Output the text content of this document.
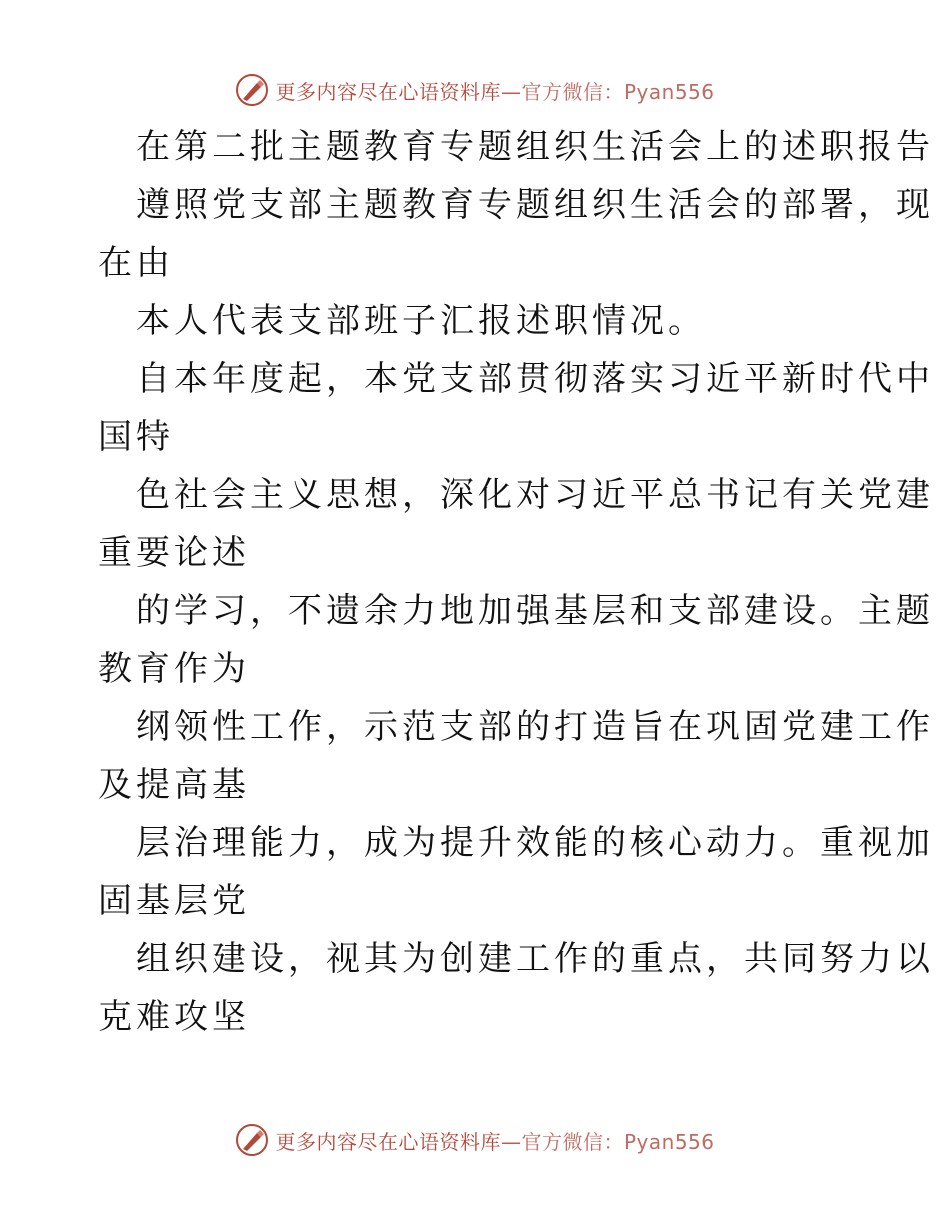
更多内容尽在心语资料库—官方微信：Pyan556
在第二批主题教育专题组织生活会上的述职报告
遵照党支部主题教育专题组织生活会的部署，现
在由
本人代表支部班子汇报述职情况。
自本年度起，本党支部贯彻落实习近平新时代中
国特
色社会主义思想，深化对习近平总书记有关党建
重要论述
的学习，不遗余力地加强基层和支部建设。主题
教育作为
纲领性工作，示范支部的打造旨在巩固党建工作
及提高基
层治理能力，成为提升效能的核心动力。重视加
固基层党
组织建设，视其为创建工作的重点，共同努力以
克难攻坚
更多内容尽在心语资料库—官方微信：Pyan556
